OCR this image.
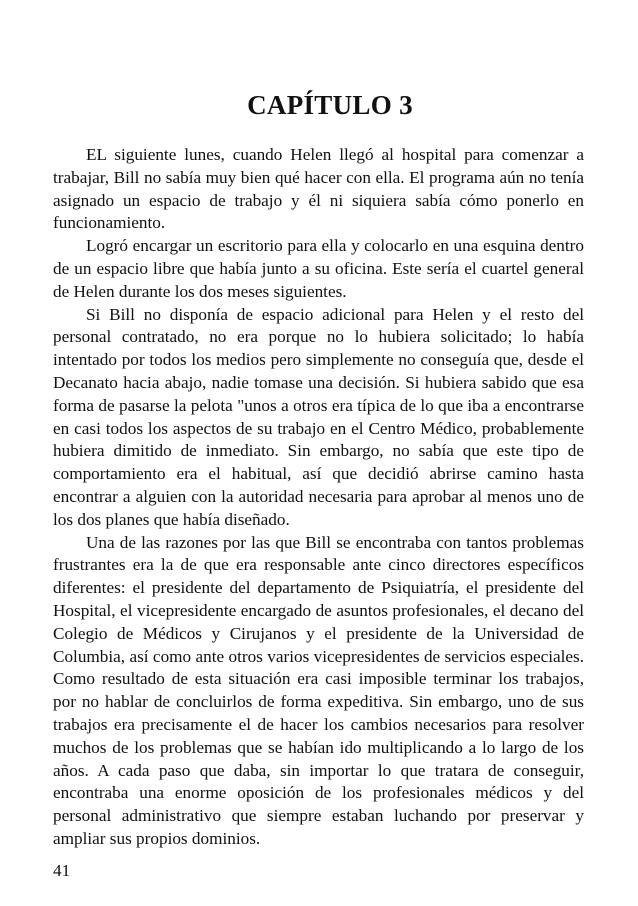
CAPÍTULO 3

EL siguiente lunes, cuando Helen llegó al hospital para comenzar a trabajar, Bill no sabía muy bien qué hacer con ella. El programa aún no tenía asignado un espacio de trabajo y él ni siquiera sabía cómo ponerlo en funcionamiento.

Logró encargar un escritorio para ella y colocarlo en una esquina dentro de un espacio libre que había junto a su oficina. Este sería el cuartel general de Helen durante los dos meses siguientes.

Si Bill no disponía de espacio adicional para Helen y el resto del personal contratado, no era porque no lo hubiera solicitado; lo había intentado por todos los medios pero simplemente no conseguía que, desde el Decanato hacia abajo, nadie tomase una decisión. Si hubiera sabido que esa forma de pasarse la pelota "unos a otros era típica de lo que iba a encontrarse en casi todos los aspectos de su trabajo en el Centro Médico, probablemente hubiera dimitido de inmediato. Sin embargo, no sabía que este tipo de comportamiento era el habitual, así que decidió abrirse camino hasta encontrar a alguien con la autoridad necesaria para aprobar al menos uno de los dos planes que había diseñado.

Una de las razones por las que Bill se encontraba con tantos problemas frustrantes era la de que era responsable ante cinco directores específicos diferentes: el presidente del departamento de Psiquiatría, el presidente del Hospital, el vicepresidente encargado de asuntos profesionales, el decano del Colegio de Médicos y Cirujanos y el presidente de la Universidad de Columbia, así como ante otros varios vicepresidentes de servicios especiales. Como resultado de esta situación era casi imposible terminar los trabajos, por no hablar de concluirlos de forma expeditiva. Sin embargo, uno de sus trabajos era precisamente el de hacer los cambios necesarios para resolver muchos de los problemas que se habían ido multiplicando a lo largo de los años. A cada paso que daba, sin importar lo que tratara de conseguir, encontraba una enorme oposición de los profesionales médicos y del personal administrativo que siempre estaban luchando por preservar y ampliar sus propios dominios.

41
